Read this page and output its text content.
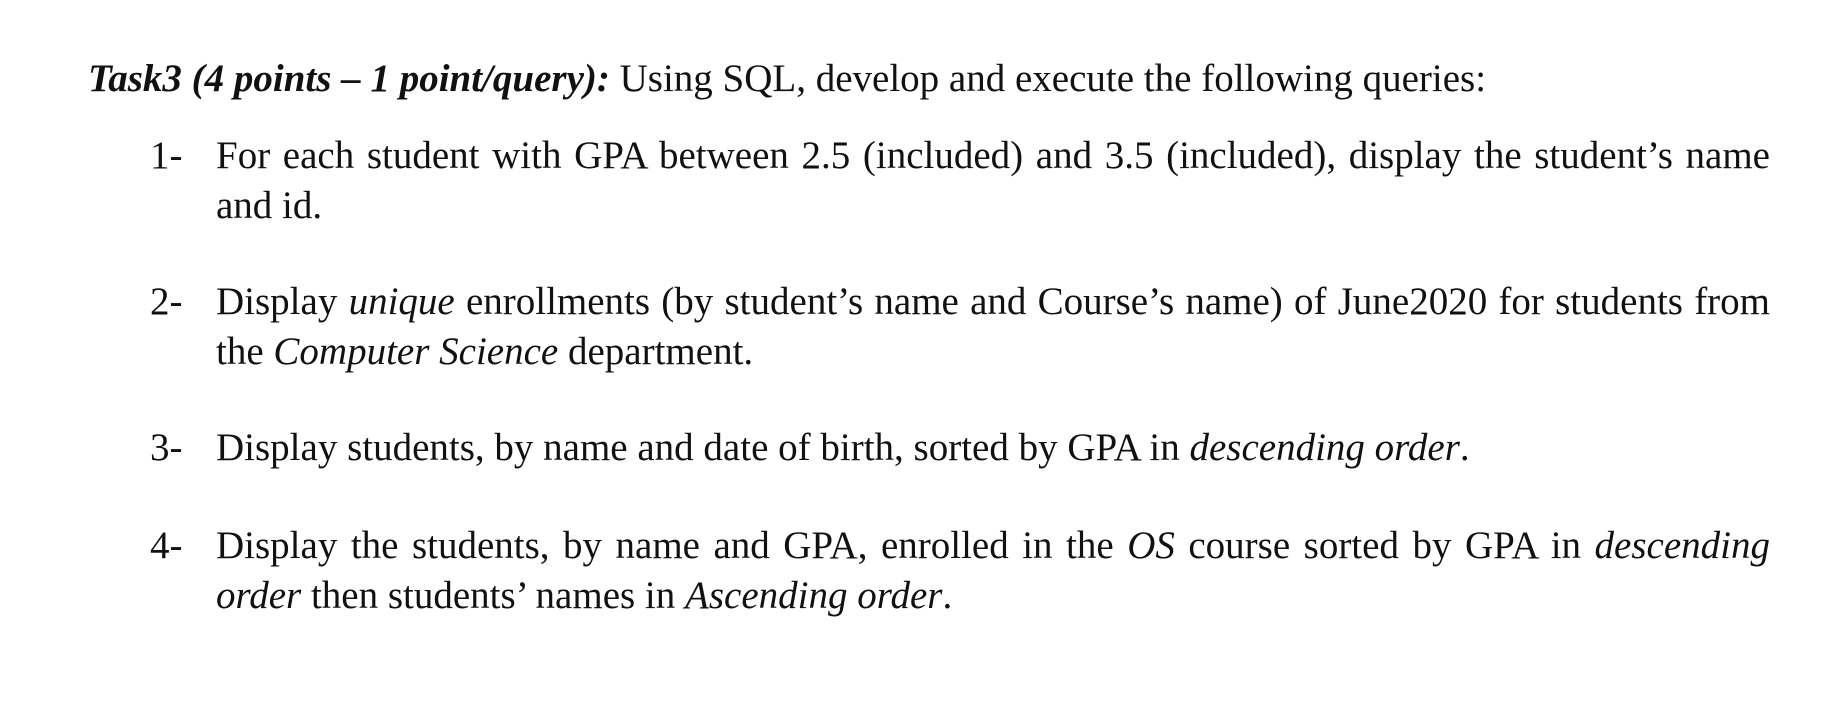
Task3 (4 points – 1 point/query): Using SQL, develop and execute the following queries:
1- For each student with GPA between 2.5 (included) and 3.5 (included), display the student’s name and id.
2- Display unique enrollments (by student’s name and Course’s name) of June2020 for students from the Computer Science department.
3- Display students, by name and date of birth, sorted by GPA in descending order.
4- Display the students, by name and GPA, enrolled in the OS course sorted by GPA in descending order then students’ names in Ascending order.
